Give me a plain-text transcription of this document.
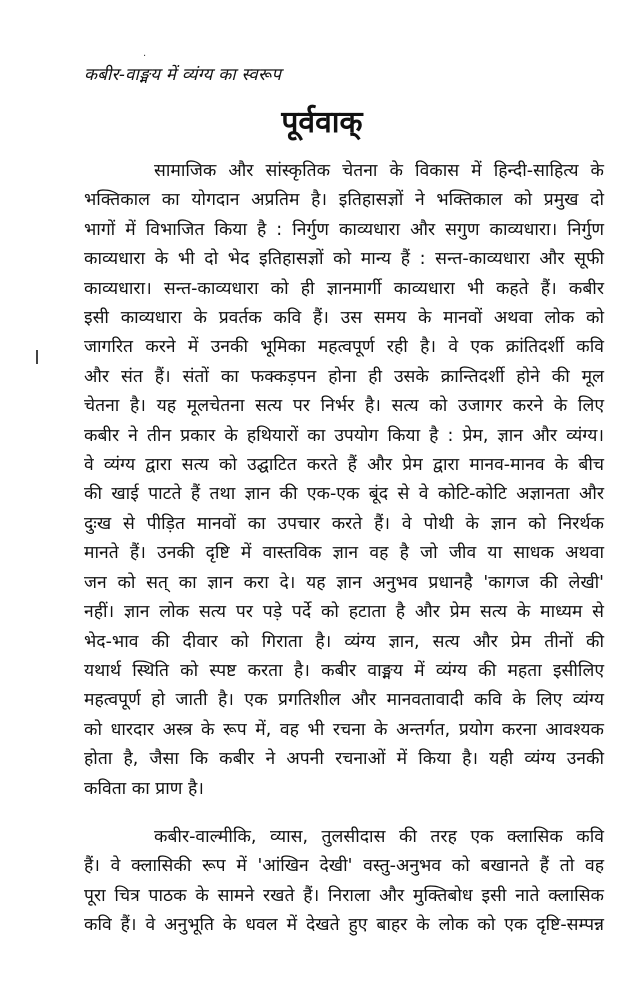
.
कबीर-वाङ्मय में व्यंग्य का स्वरूप
पूर्ववाक्

सामाजिक और सांस्कृतिक चेतना के विकास में हिन्दी-साहित्य के
भक्तिकाल का योगदान अप्रतिम है। इतिहासज्ञों ने भक्तिकाल को प्रमुख दो
भागों में विभाजित किया है : निर्गुण काव्यधारा और सगुण काव्यधारा। निर्गुण
काव्यधारा के भी दो भेद इतिहासज्ञों को मान्य हैं : सन्त-काव्यधारा और सूफी
काव्यधारा। सन्त-काव्यधारा को ही ज्ञानमार्गी काव्यधारा भी कहते हैं। कबीर
इसी काव्यधारा के प्रवर्तक कवि हैं। उस समय के मानवों अथवा लोक को
जागरित करने में उनकी भूमिका महत्वपूर्ण रही है। वे एक क्रांतिदर्शी कवि
और संत हैं। संतों का फक्कड़पन होना ही उसके क्रान्तिदर्शी होने की मूल
चेतना है। यह मूलचेतना सत्य पर निर्भर है। सत्य को उजागर करने के लिए
कबीर ने तीन प्रकार के हथियारों का उपयोग किया है : प्रेम, ज्ञान और व्यंग्य।
वे व्यंग्य द्वारा सत्य को उद्घाटित करते हैं और प्रेम द्वारा मानव-मानव के बीच
की खाई पाटते हैं तथा ज्ञान की एक-एक बूंद से वे कोटि-कोटि अज्ञानता और
दुःख से पीड़ित मानवों का उपचार करते हैं। वे पोथी के ज्ञान को निरर्थक
मानते हैं। उनकी दृष्टि में वास्तविक ज्ञान वह है जो जीव या साधक अथवा
जन को सत् का ज्ञान करा दे। यह ज्ञान अनुभव प्रधानहै 'कागज की लेखी'
नहीं। ज्ञान लोक सत्य पर पड़े पर्दे को हटाता है और प्रेम सत्य के माध्यम से
भेद-भाव की दीवार को गिराता है। व्यंग्य ज्ञान, सत्य और प्रेम तीनों की
यथार्थ स्थिति को स्पष्ट करता है। कबीर वाङ्मय में व्यंग्य की महता इसीलिए
महत्वपूर्ण हो जाती है। एक प्रगतिशील और मानवतावादी कवि के लिए व्यंग्य
को धारदार अस्त्र के रूप में, वह भी रचना के अन्तर्गत, प्रयोग करना आवश्यक
होता है, जैसा कि कबीर ने अपनी रचनाओं में किया है। यही व्यंग्य उनकी
कविता का प्राण है।

कबीर-वाल्मीकि, व्यास, तुलसीदास की तरह एक क्लासिक कवि
हैं। वे क्लासिकी रूप में 'आंखिन देखी' वस्तु-अनुभव को बखानते हैं तो वह
पूरा चित्र पाठक के सामने रखते हैं। निराला और मुक्तिबोध इसी नाते क्लासिक
कवि हैं। वे अनुभूति के धवल में देखते हुए बाहर के लोक को एक दृष्टि-सम्पन्न
